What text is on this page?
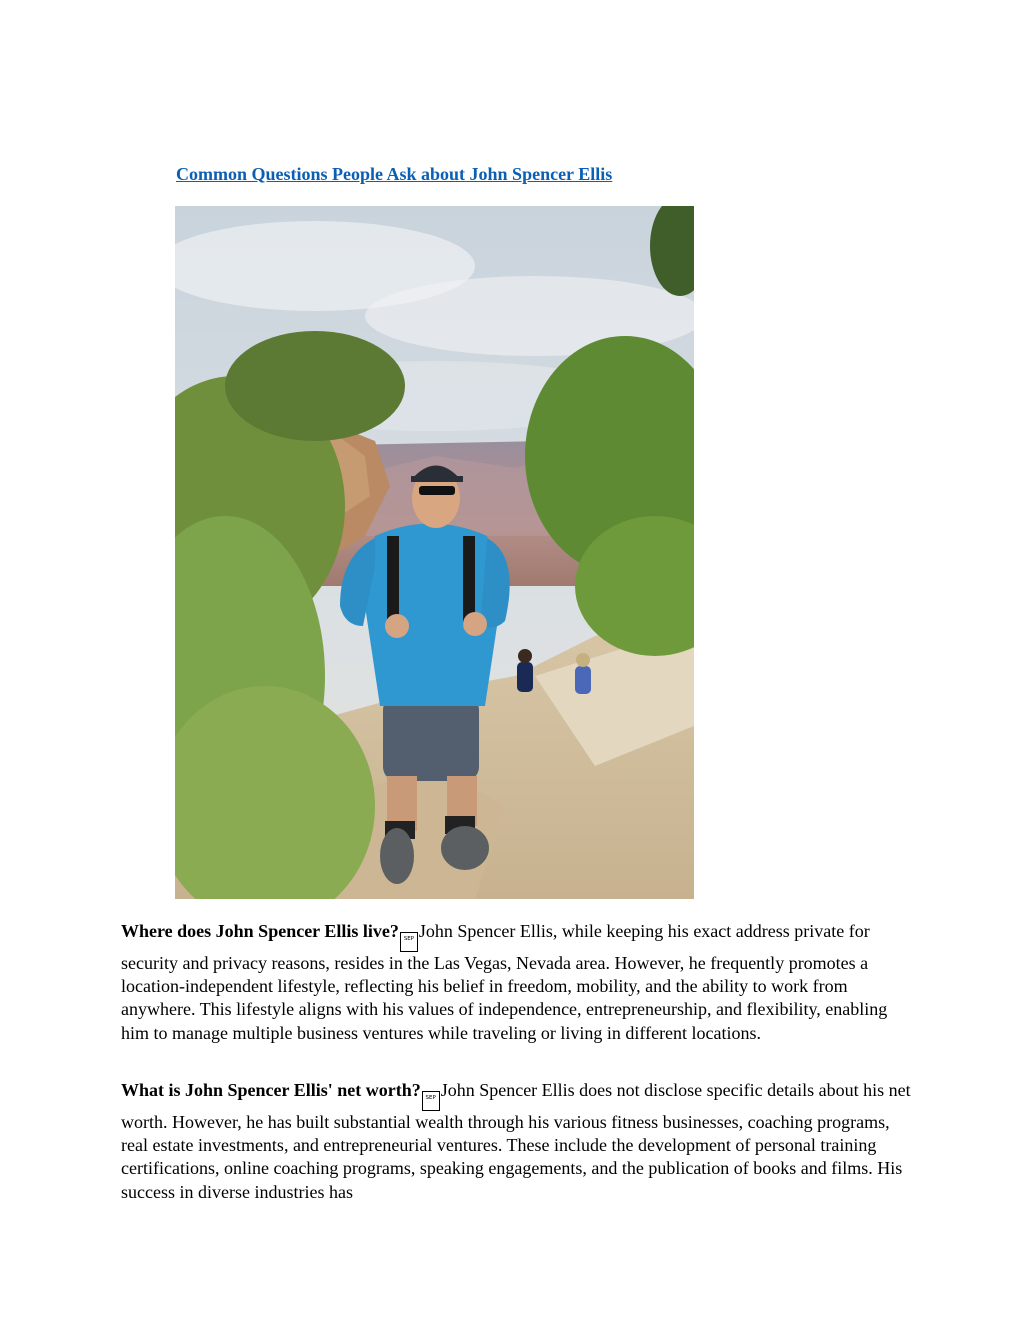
Common Questions People Ask about John Spencer Ellis

Where does John Spencer Ellis live? SEP John Spencer Ellis, while keeping his exact address private for security and privacy reasons, resides in the Las Vegas, Nevada area. However, he frequently promotes a location-independent lifestyle, reflecting his belief in freedom, mobility, and the ability to work from anywhere. This lifestyle aligns with his values of independence, entrepreneurship, and flexibility, enabling him to manage multiple business ventures while traveling or living in different locations.

What is John Spencer Ellis' net worth? SEP John Spencer Ellis does not disclose specific details about his net worth. However, he has built substantial wealth through his various fitness businesses, coaching programs, real estate investments, and entrepreneurial ventures. These include the development of personal training certifications, online coaching programs, speaking engagements, and the publication of books and films. His success in diverse industries has
